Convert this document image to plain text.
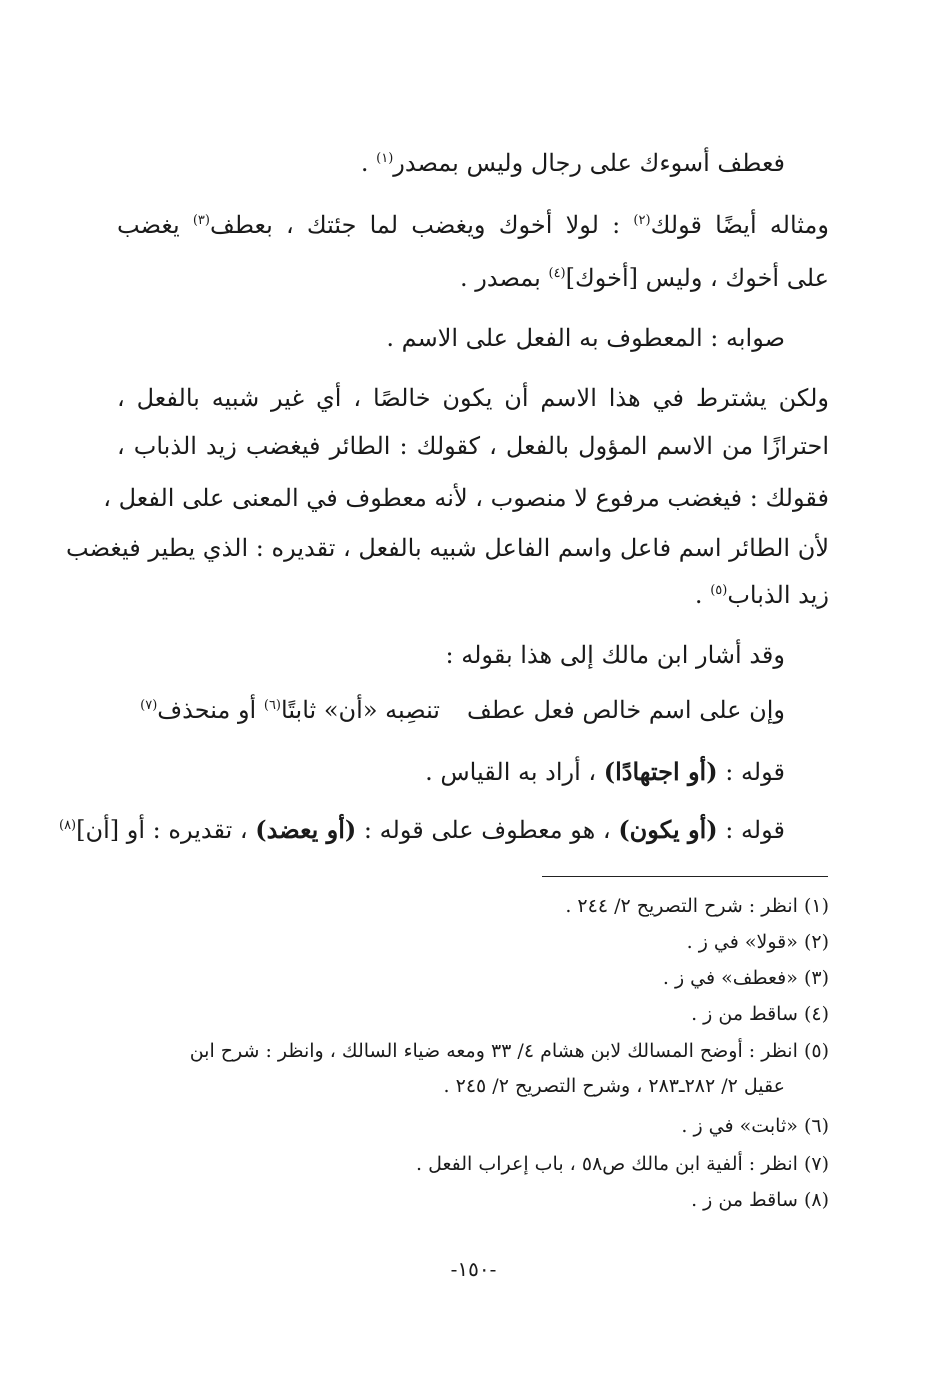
فعطف أسوءك على رجال وليس بمصدر$^{(١)}$ .
ومثاله أيضًا قولك$^{(٢)}$ : لولا أخوك ويغضب لما جئتك ، بعطف$^{(٣)}$ يغضب
على أخوك ، وليس [أخوك]$^{(٤)}$ بمصدر .
صوابه : المعطوف به الفعل على الاسم .
ولكن يشترط في هذا الاسم أن يكون خالصًا ، أي غير شبيه بالفعل ،
احترازًا من الاسم المؤول بالفعل ، كقولك : الطائر فيغضب زيد الذباب ،
فقولك : فيغضب مرفوع لا منصوب ، لأنه معطوف في المعنى على الفعل ،
لأن الطائر اسم فاعل واسم الفاعل شبيه بالفعل ، تقديره : الذي يطير فيغضب
زيد الذباب$^{(٥)}$ .
وقد أشار ابن مالك إلى هذا بقوله :
وإن على اسم خالص فعل عطف
تنصِبه «أن» ثابتًا$^{(٦)}$ أو منحذف$^{(٧)}$
قوله : (أو اجتهادًا) ، أراد به القياس .
قوله : (أو يكون) ، هو معطوف على قوله : (أو يعضد) ، تقديره : أو [أن]$^{(٨)}$
(١) انظر : شرح التصريح ٢/ ٢٤٤ .
(٢) «قولا» في ز .
(٣) «فعطف» في ز .
(٤) ساقط من ز .
(٥) انظر : أوضح المسالك لابن هشام ٤/ ٣٣ ومعه ضياء السالك ، وانظر : شرح ابن
عقيل ٢/ ٢٨٢ـ٢٨٣ ، وشرح التصريح ٢/ ٢٤٥ .
(٦) «ثابت» في ز .
(٧) انظر : ألفية ابن مالك ص٥٨ ، باب إعراب الفعل .
(٨) ساقط من ز .
-١٥٠-
